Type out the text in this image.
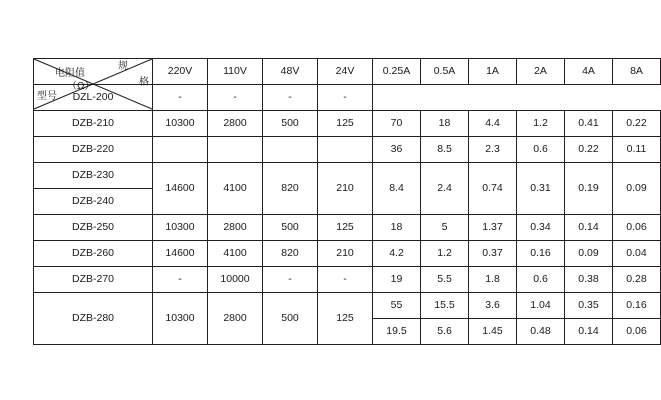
规
格
电阻值
（Ω）
型号	220V	110V	48V	24V	0.25A	0.5A	1A	2A	4A	8A

DZL-200	-	-	-	-						
DZB-210	10300	2800	500	125	70	18	4.4	1.2	0.41	0.22
DZB-220					36	8.5	2.3	0.6	0.22	0.11
DZB-230	14600	4100	820	210	8.4	2.4	0.74	0.31	0.19	0.09
DZB-240										
DZB-250	10300	2800	500	125	18	5	1.37	0.34	0.14	0.06
DZB-260	14600	4100	820	210	4.2	1.2	0.37	0.16	0.09	0.04
DZB-270	-	10000	-	-	19	5.5	1.8	0.6	0.38	0.28
DZB-280	10300	2800	500	125	55	15.5	3.6	1.04	0.35	0.16
					19.5	5.6	1.45	0.48	0.14	0.06
